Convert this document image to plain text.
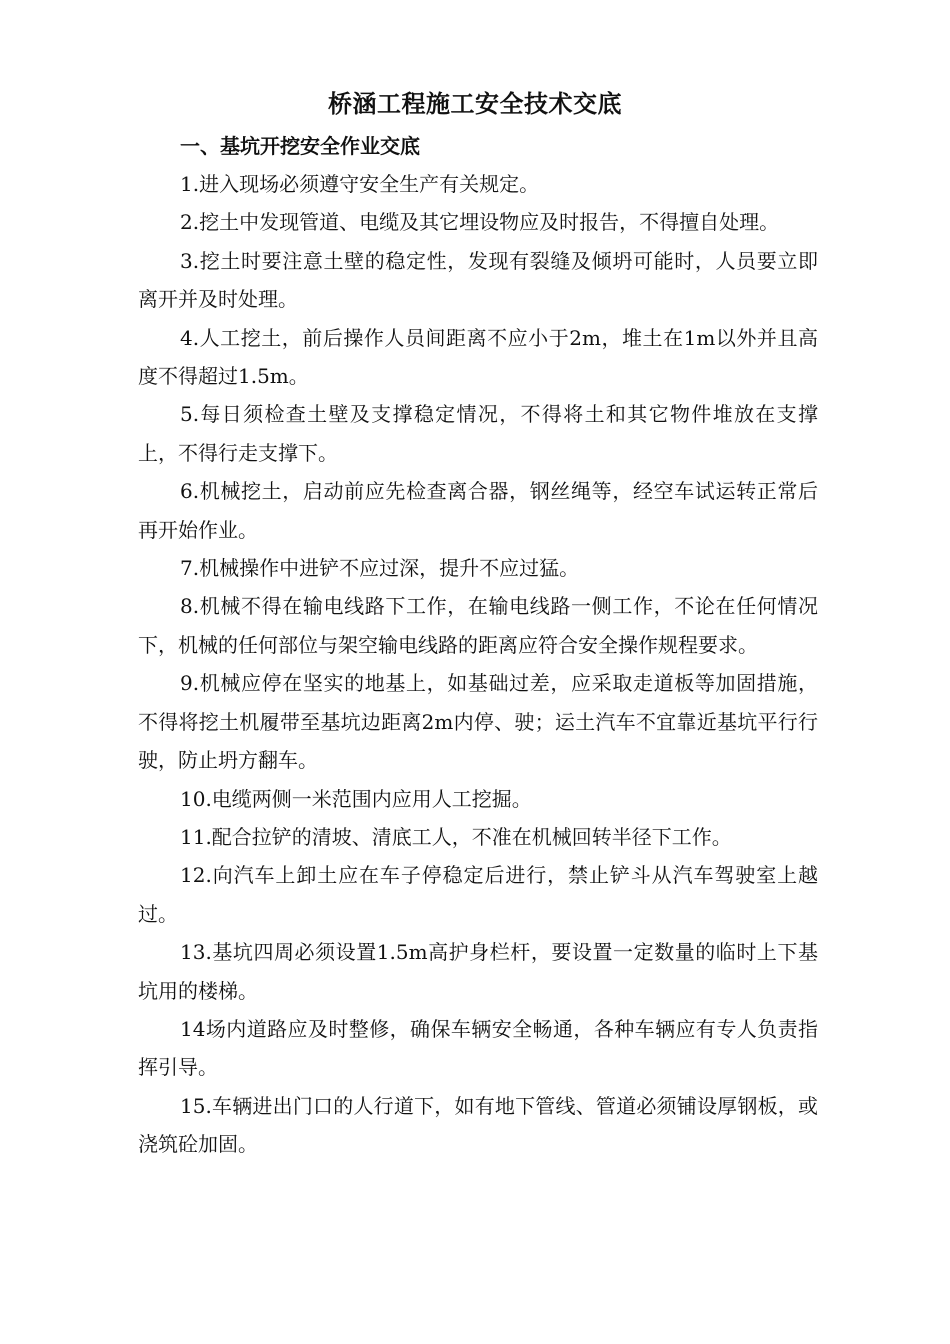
桥涵工程施工安全技术交底

一、基坑开挖安全作业交底

1.进入现场必须遵守安全生产有关规定。

2.挖土中发现管道、电缆及其它埋设物应及时报告，不得擅自处理。

3.挖土时要注意土壁的稳定性，发现有裂缝及倾坍可能时，人员要立即离开并及时处理。

4.人工挖土，前后操作人员间距离不应小于2m，堆土在1m以外并且高度不得超过1.5m。

5.每日须检查土壁及支撑稳定情况，不得将土和其它物件堆放在支撑上，不得行走支撑下。

6.机械挖土，启动前应先检查离合器，钢丝绳等，经空车试运转正常后再开始作业。

7.机械操作中进铲不应过深，提升不应过猛。

8.机械不得在输电线路下工作，在输电线路一侧工作，不论在任何情况下，机械的任何部位与架空输电线路的距离应符合安全操作规程要求。

9.机械应停在坚实的地基上，如基础过差，应采取走道板等加固措施，不得将挖土机履带至基坑边距离2m内停、驶；运土汽车不宜靠近基坑平行行驶，防止坍方翻车。

10.电缆两侧一米范围内应用人工挖掘。

11.配合拉铲的清坡、清底工人，不准在机械回转半径下工作。

12.向汽车上卸土应在车子停稳定后进行，禁止铲斗从汽车驾驶室上越过。

13.基坑四周必须设置1.5m高护身栏杆，要设置一定数量的临时上下基坑用的楼梯。

14场内道路应及时整修，确保车辆安全畅通，各种车辆应有专人负责指挥引导。

15.车辆进出门口的人行道下，如有地下管线、管道必须铺设厚钢板，或浇筑砼加固。
